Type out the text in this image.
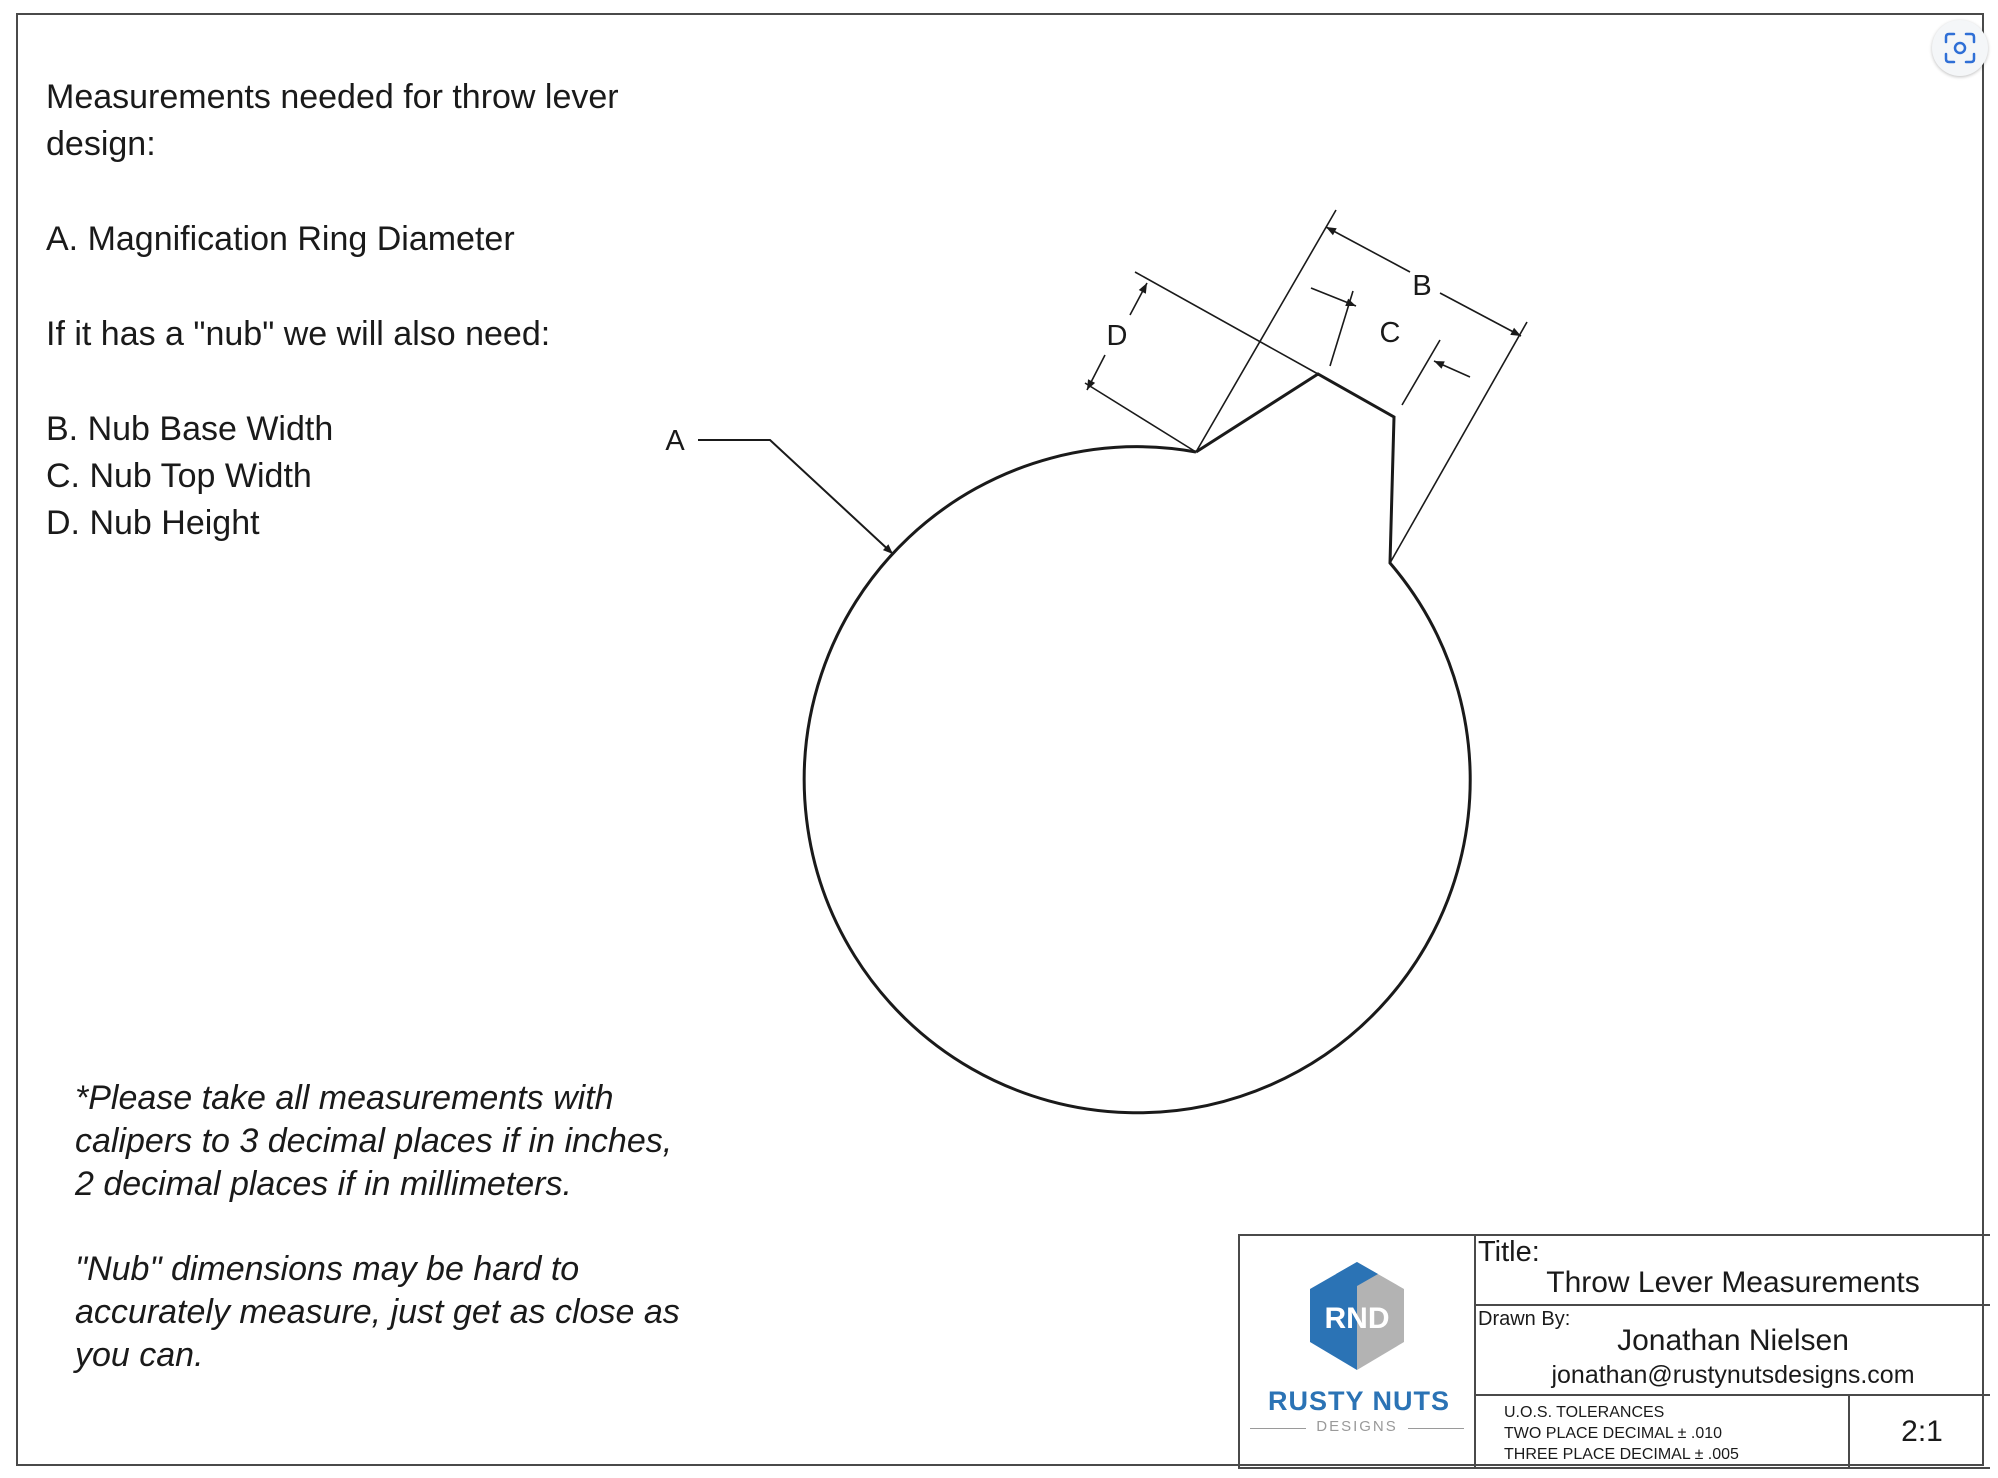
Measurements needed for throw lever

design:

A. Magnification Ring Diameter

If it has a "nub" we will also need:

B. Nub Base Width

C. Nub Top Width

D. Nub Height

A
B
C
D

*Please take all measurements with

calipers to 3 decimal places if in inches,

2 decimal places if in millimeters.

"Nub" dimensions may be hard to

accurately measure, just get as close as

you can.

RND
RUSTY NUTS
DESIGNS
Title:
Throw Lever Measurements
Drawn By:
Jonathan Nielsen
jonathan@rustynutsdesigns.com
U.O.S. TOLERANCES
TWO PLACE DECIMAL ± .010
THREE PLACE DECIMAL ± .005
2:1
